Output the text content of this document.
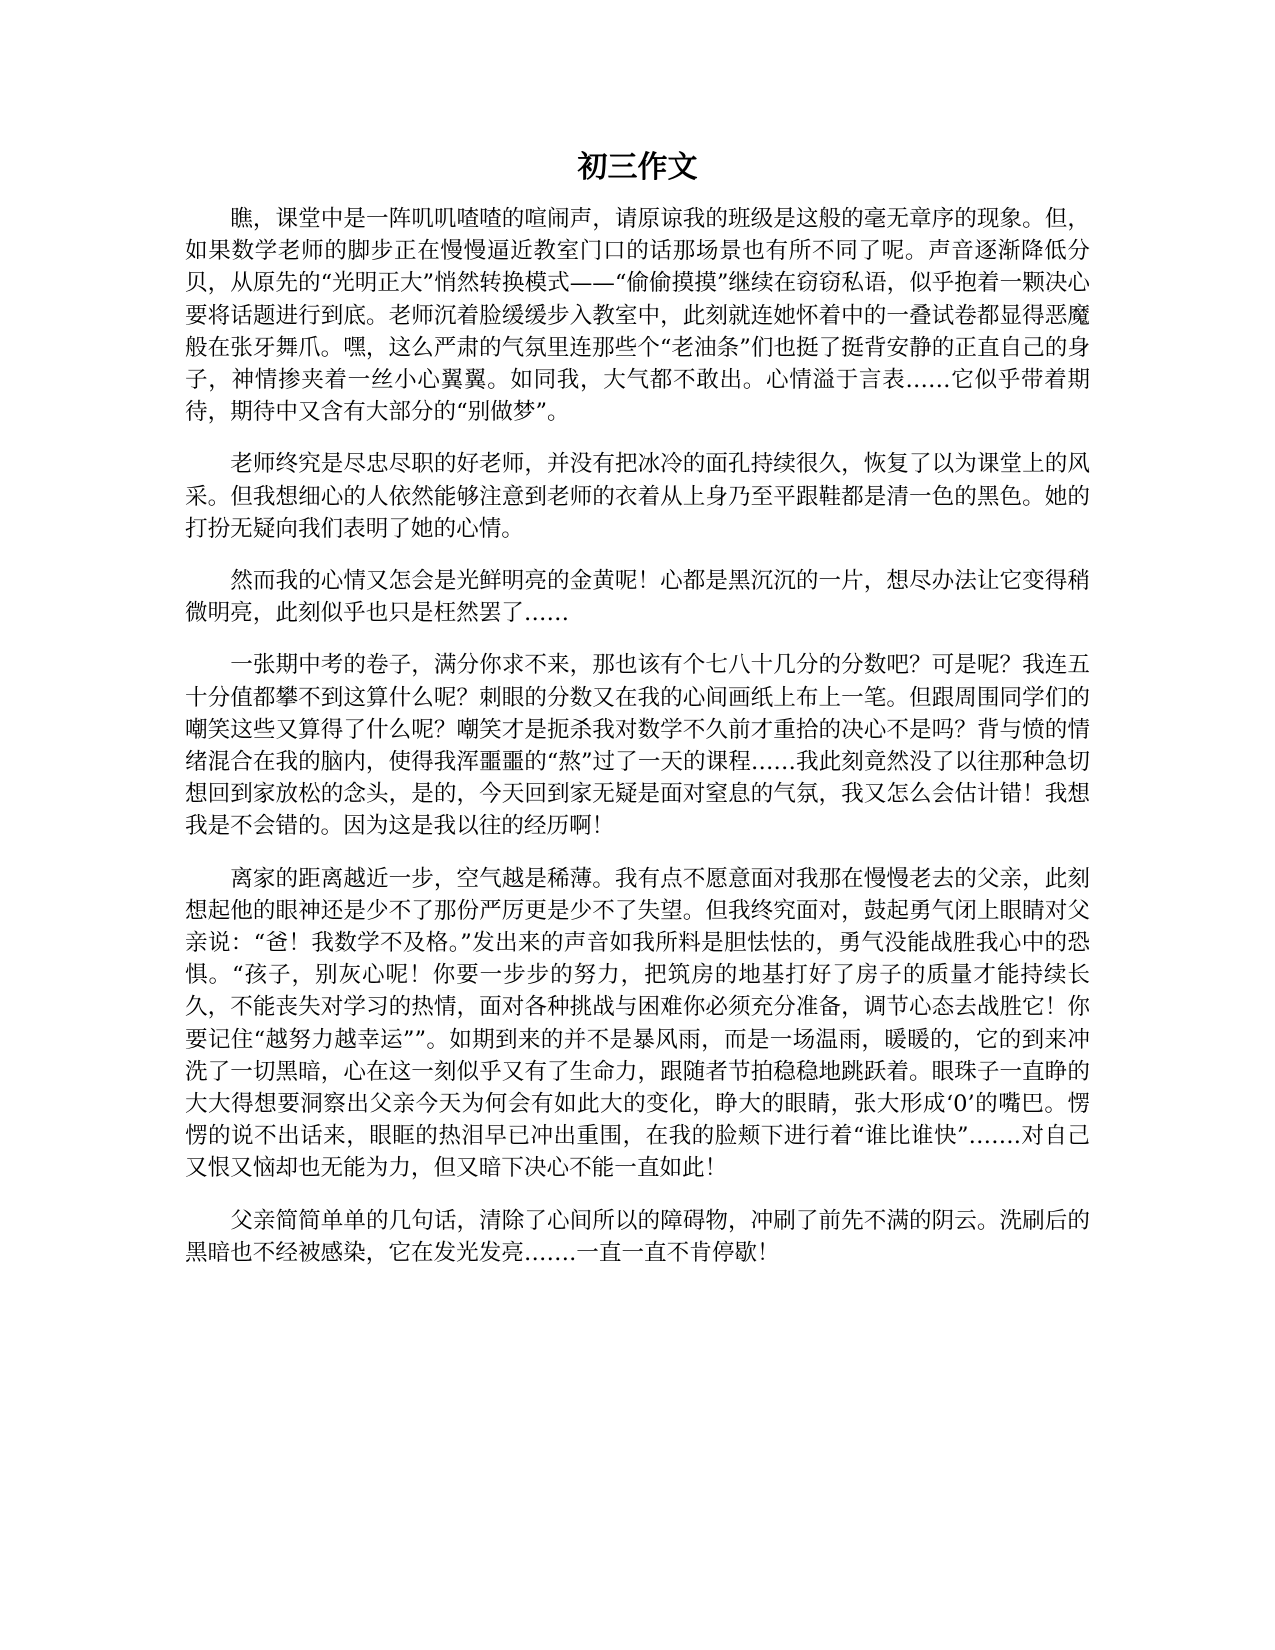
初三作文

瞧，课堂中是一阵叽叽喳喳的喧闹声，请原谅我的班级是这般的毫无章序的现象。但，如果数学老师的脚步正在慢慢逼近教室门口的话那场景也有所不同了呢。声音逐渐降低分贝，从原先的“光明正大”悄然转换模式——“偷偷摸摸”继续在窃窃私语，似乎抱着一颗决心要将话题进行到底。老师沉着脸缓缓步入教室中，此刻就连她怀着中的一叠试卷都显得恶魔般在张牙舞爪。嘿，这么严肃的气氛里连那些个“老油条”们也挺了挺背安静的正直自己的身子，神情掺夹着一丝小心翼翼。如同我，大气都不敢出。心情溢于言表……它似乎带着期待，期待中又含有大部分的“别做梦”。

老师终究是尽忠尽职的好老师，并没有把冰冷的面孔持续很久，恢复了以为课堂上的风采。但我想细心的人依然能够注意到老师的衣着从上身乃至平跟鞋都是清一色的黑色。她的打扮无疑向我们表明了她的心情。

然而我的心情又怎会是光鲜明亮的金黄呢！心都是黑沉沉的一片，想尽办法让它变得稍微明亮，此刻似乎也只是枉然罢了……

一张期中考的卷子，满分你求不来，那也该有个七八十几分的分数吧？可是呢？我连五十分值都攀不到这算什么呢？刺眼的分数又在我的心间画纸上布上一笔。但跟周围同学们的嘲笑这些又算得了什么呢？嘲笑才是扼杀我对数学不久前才重拾的决心不是吗？背与愤的情绪混合在我的脑内，使得我浑噩噩的“熬”过了一天的课程……我此刻竟然没了以往那种急切想回到家放松的念头，是的，今天回到家无疑是面对窒息的气氛，我又怎么会估计错！我想我是不会错的。因为这是我以往的经历啊！

离家的距离越近一步，空气越是稀薄。我有点不愿意面对我那在慢慢老去的父亲，此刻想起他的眼神还是少不了那份严厉更是少不了失望。但我终究面对，鼓起勇气闭上眼睛对父亲说：“爸！我数学不及格。”发出来的声音如我所料是胆怯怯的，勇气没能战胜我心中的恐惧。“孩子，别灰心呢！你要一步步的努力，把筑房的地基打好了房子的质量才能持续长久，不能丧失对学习的热情，面对各种挑战与困难你必须充分准备，调节心态去战胜它！你要记住“越努力越幸运””。如期到来的并不是暴风雨，而是一场温雨，暖暖的，它的到来冲洗了一切黑暗，心在这一刻似乎又有了生命力，跟随者节拍稳稳地跳跃着。眼珠子一直睁的大大得想要洞察出父亲今天为何会有如此大的变化，睁大的眼睛，张大形成‘0’的嘴巴。愣愣的说不出话来，眼眶的热泪早已冲出重围，在我的脸颊下进行着“谁比谁快”…….对自己又恨又恼却也无能为力，但又暗下决心不能一直如此！

父亲简简单单的几句话，清除了心间所以的障碍物，冲刷了前先不满的阴云。洗刷后的黑暗也不经被感染，它在发光发亮…….一直一直不肯停歇！
